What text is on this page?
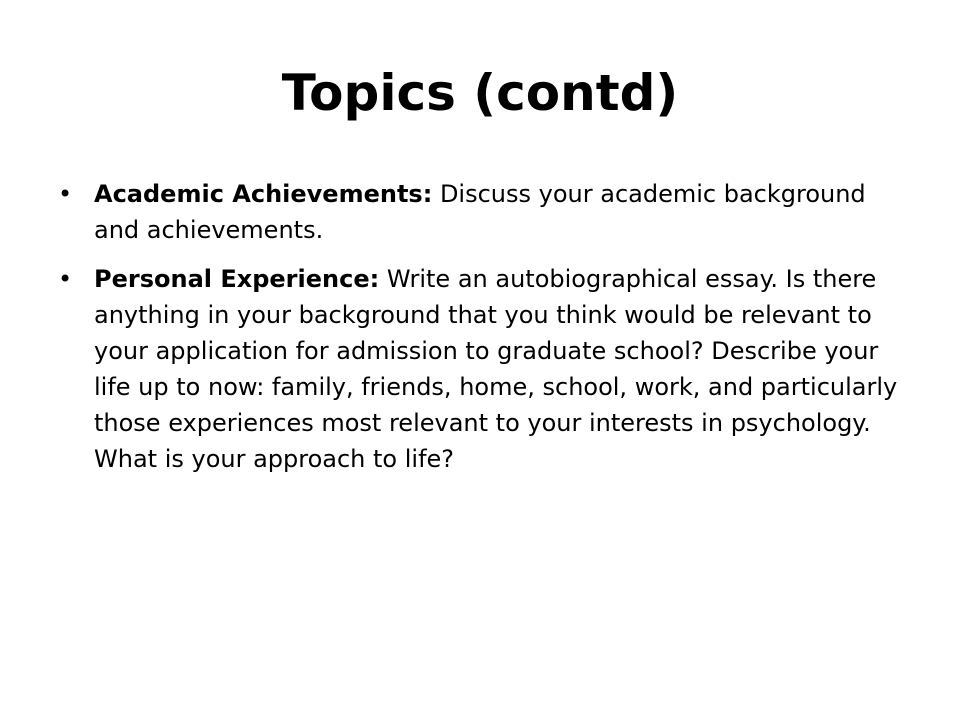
Topics (contd)
• Academic Achievements: Discuss your academic background and achievements.
• Personal Experience: Write an autobiographical essay. Is there anything in your background that you think would be relevant to your application for admission to graduate school? Describe your life up to now: family, friends, home, school, work, and particularly those experiences most relevant to your interests in psychology. What is your approach to life?
